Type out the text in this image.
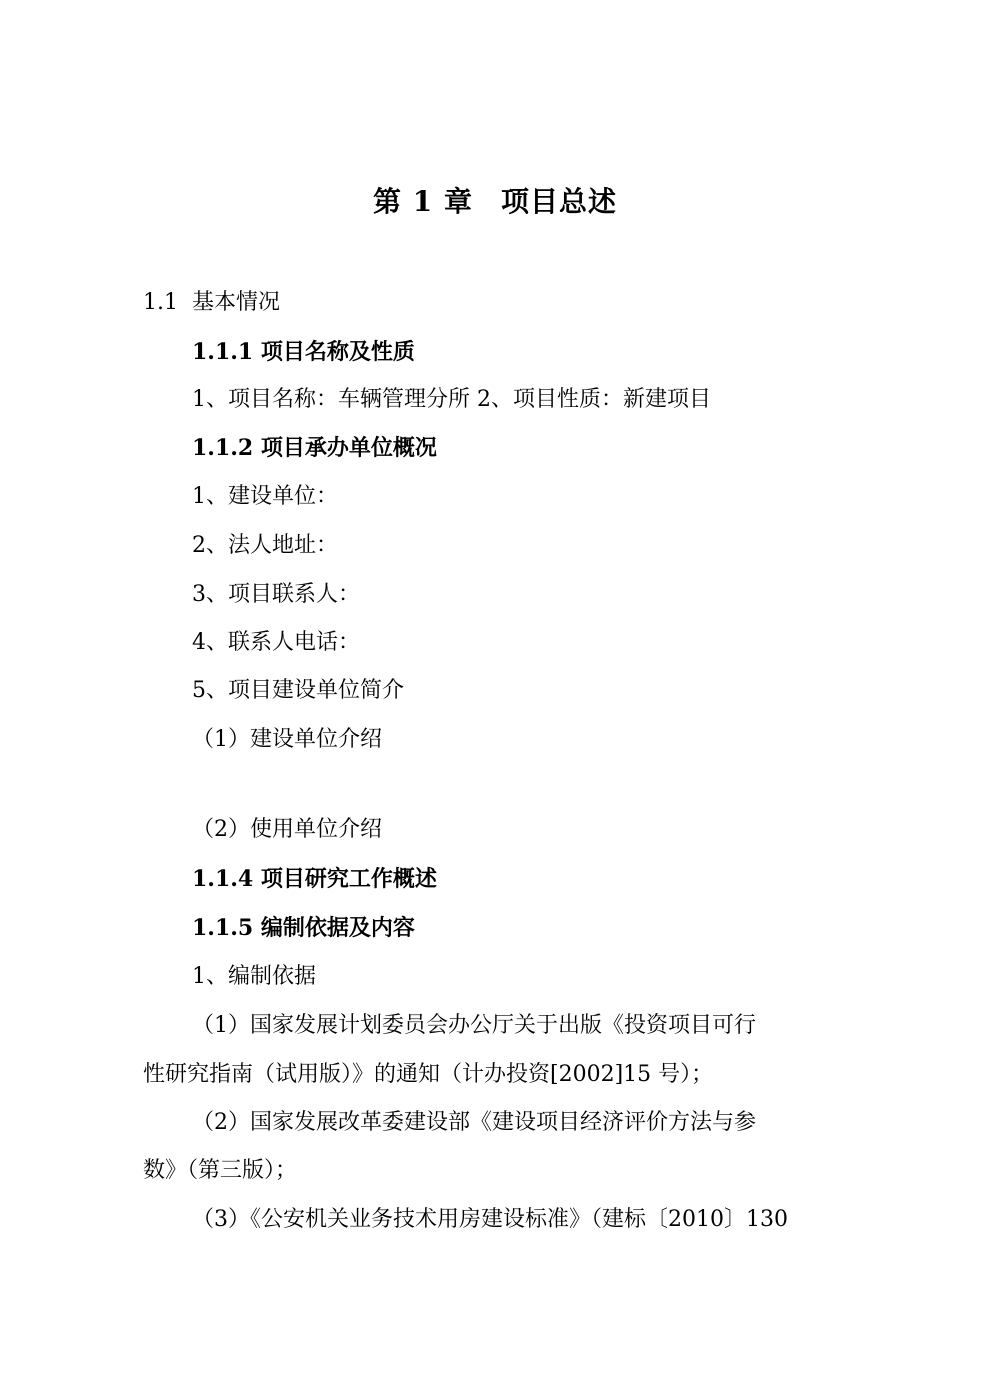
第 1 章 项目总述
1.1 基本情况
1.1.1 项目名称及性质
1、项目名称：车辆管理分所 2、项目性质：新建项目
1.1.2 项目承办单位概况
1、建设单位：
2、法人地址：
3、项目联系人：
4、联系人电话：
5、项目建设单位简介
（1）建设单位介绍
（2）使用单位介绍
1.1.4 项目研究工作概述
1.1.5 编制依据及内容
1、编制依据
（1）国家发展计划委员会办公厅关于出版《投资项目可行
性研究指南（试用版）》的通知（计办投资[2002]15 号）；
（2）国家发展改革委建设部《建设项目经济评价方法与参
数》（第三版）；
（3）《公安机关业务技术用房建设标准》（建标〔2010〕130
